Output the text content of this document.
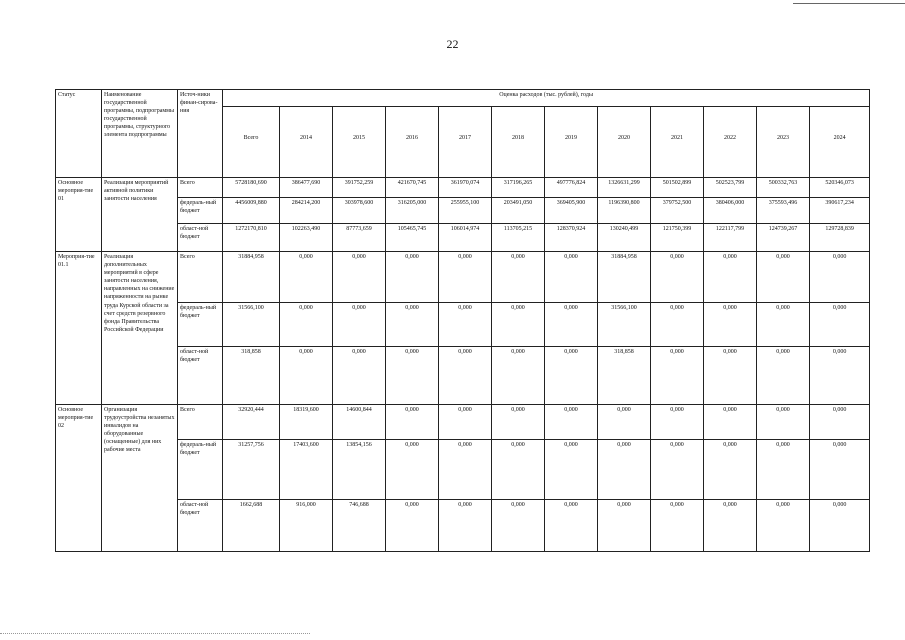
22
Статус	Наименование государственной программы, подпрограммы государственной программы, структурного элемента подпрограммы	Источ-ники финан-сирова-ния	Оценка расходов (тыс. рублей), годы											
			Всего	2014	2015	2016	2017	2018	2019	2020	2021	2022	2023	2024
Основное мероприя-тие 01	Реализация мероприятий активной политики занятости населения	Всего	5728180,690	386477,690	391752,259	421670,745	361970,074	317196,265	497776,824	1326631,299	501502,899	502523,799	500332,763	520346,073
		федераль-ный бюджет	4456009,880	284214,200	303978,600	316205,000	255955,100	203491,050	369405,900	1196390,800	379752,500	380406,000	375593,496	390617,234
		област-ной бюджет	1272170,810	102263,490	87773,659	105465,745	106014,974	113705,215	128370,924	130240,499	121750,399	122117,799	124739,267	129728,839
Мероприя-тие 01.1	Реализация дополнительных мероприятий в сфере занятости населения, направленных на снижение напряженности на рынке труда Курской области за счет средств резервного фонда Правительства Российской Федерации	Всего	31884,958	0,000	0,000	0,000	0,000	0,000	0,000	31884,958	0,000	0,000	0,000	0,000
		федераль-ный бюджет	31566,100	0,000	0,000	0,000	0,000	0,000	0,000	31566,100	0,000	0,000	0,000	0,000
		област-ной бюджет	318,858	0,000	0,000	0,000	0,000	0,000	0,000	318,858	0,000	0,000	0,000	0,000
Основное мероприя-тие 02	Организация трудоустройства незанятых инвалидов на оборудованные (оснащенные) для них рабочие места	Всего	32920,444	18319,600	14600,844	0,000	0,000	0,000	0,000	0,000	0,000	0,000	0,000	0,000
		федераль-ный бюджет	31257,756	17403,600	13854,156	0,000	0,000	0,000	0,000	0,000	0,000	0,000	0,000	0,000
		област-ной бюджет	1662,688	916,000	746,688	0,000	0,000	0,000	0,000	0,000	0,000	0,000	0,000	0,000
